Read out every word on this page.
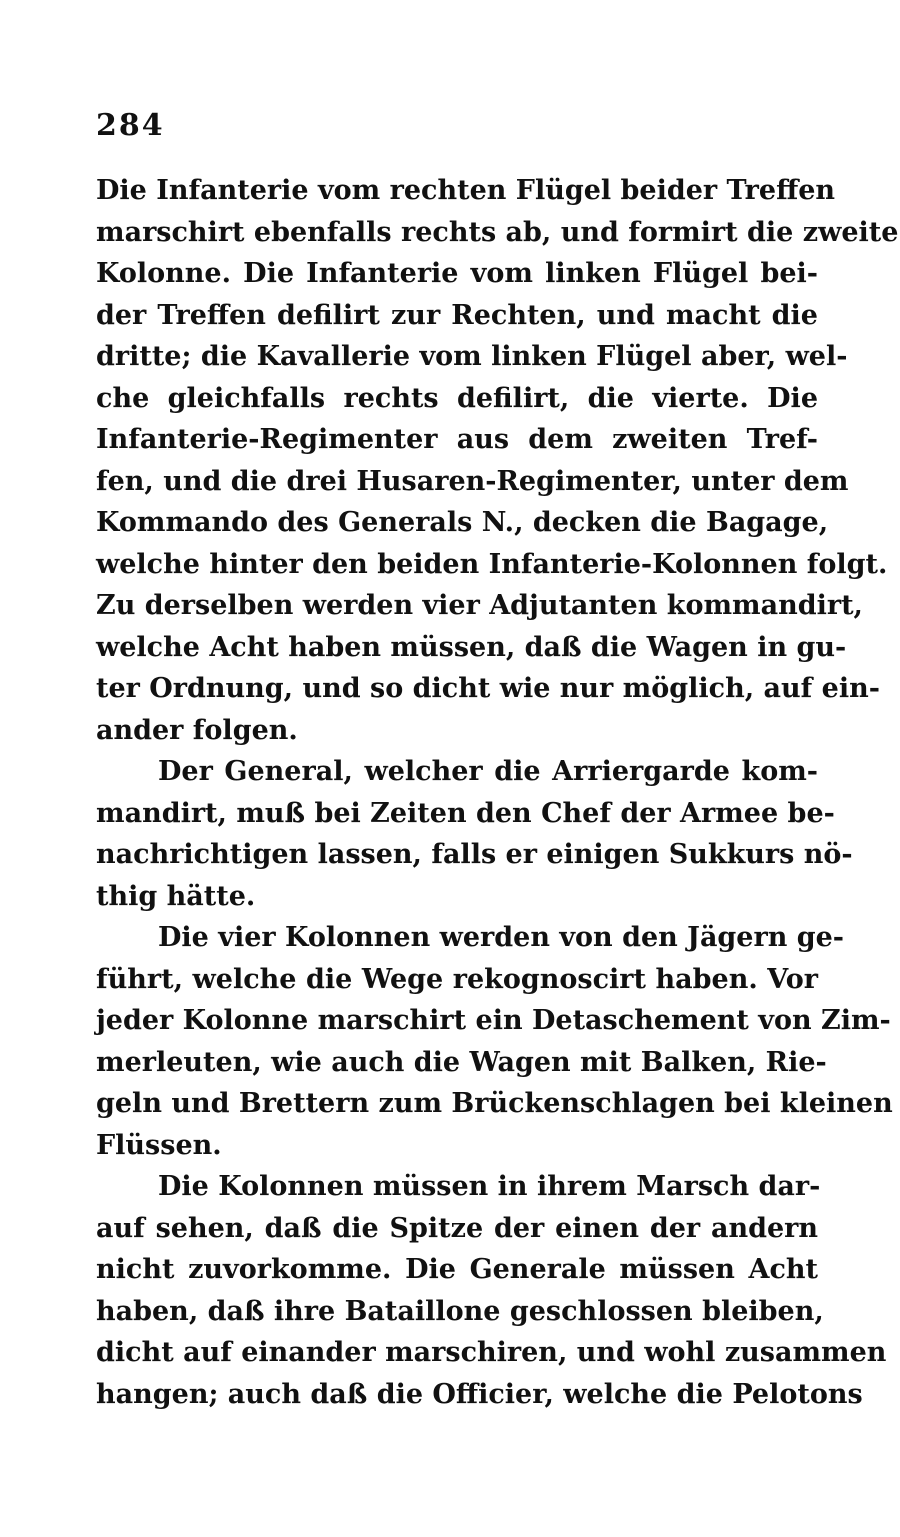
284
Die Infanterie vom rechten Flügel beider Treffen
marschirt ebenfalls rechts ab, und formirt die zweite
Kolonne. Die Infanterie vom linken Flügel bei-
der Treffen defilirt zur Rechten, und macht die
dritte; die Kavallerie vom linken Flügel aber, wel-
che gleichfalls rechts defilirt, die vierte. Die
Infanterie-Regimenter aus dem zweiten Tref-
fen, und die drei Husaren-Regimenter, unter dem
Kommando des Generals N., decken die Bagage,
welche hinter den beiden Infanterie-Kolonnen folgt.
Zu derselben werden vier Adjutanten kommandirt,
welche Acht haben müssen, daß die Wagen in gu-
ter Ordnung, und so dicht wie nur möglich, auf ein-
ander folgen.
Der General, welcher die Arriergarde kom-
mandirt, muß bei Zeiten den Chef der Armee be-
nachrichtigen lassen, falls er einigen Sukkurs nö-
thig hätte.
Die vier Kolonnen werden von den Jägern ge-
führt, welche die Wege rekognoscirt haben. Vor
jeder Kolonne marschirt ein Detaschement von Zim-
merleuten, wie auch die Wagen mit Balken, Rie-
geln und Brettern zum Brückenschlagen bei kleinen
Flüssen.
Die Kolonnen müssen in ihrem Marsch dar-
auf sehen, daß die Spitze der einen der andern
nicht zuvorkomme. Die Generale müssen Acht
haben, daß ihre Bataillone geschlossen bleiben,
dicht auf einander marschiren, und wohl zusammen
hangen; auch daß die Officier, welche die Pelotons
